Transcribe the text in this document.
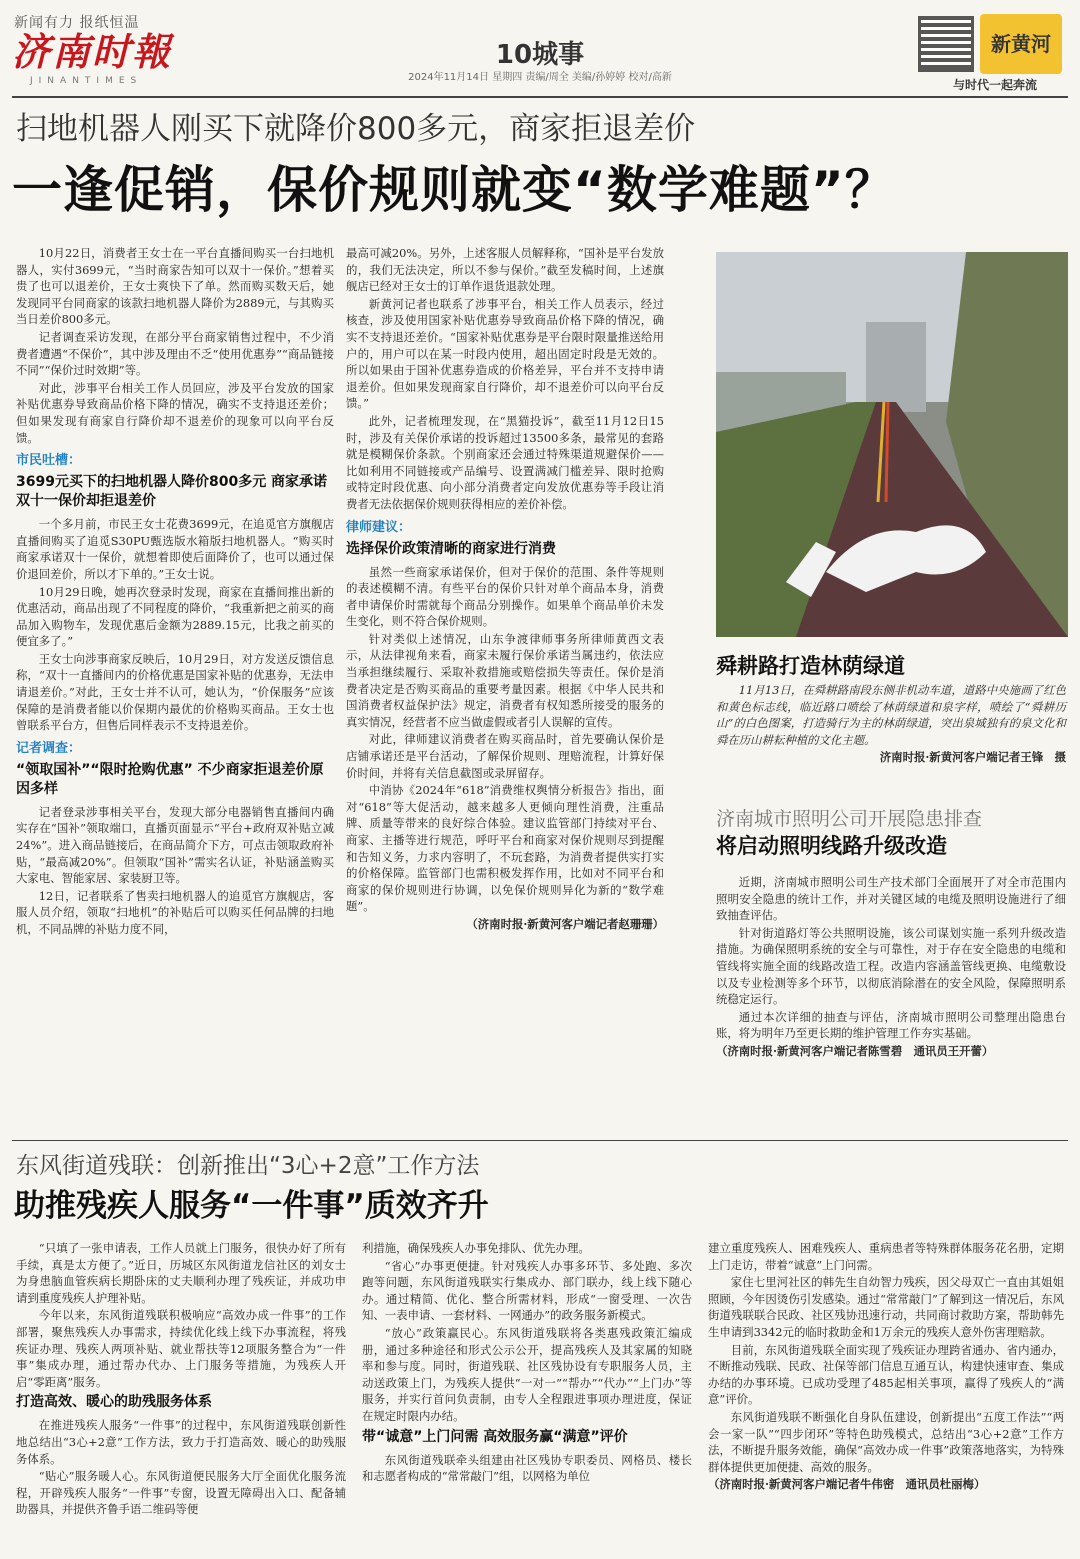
新闻有力 报纸恒温
济南时報
JINANTIMES
10城事
2024年11月14日 星期四 责编/周全 美编/孙婷婷 校对/高新
新黄河
与时代一起奔流
扫地机器人刚买下就降价800多元，商家拒退差价
一逢促销，保价规则就变“数学难题”？

10月22日，消费者王女士在一平台直播间购买一台扫地机器人，实付3699元，“当时商家告知可以双十一保价。”想着买贵了也可以退差价，王女士爽快下了单。然而购买数天后，她发现同平台同商家的该款扫地机器人降价为2889元，与其购买当日差价800多元。

记者调查采访发现，在部分平台商家销售过程中，不少消费者遭遇“不保价”，其中涉及理由不乏“使用优惠券”“商品链接不同”“保价过时效期”等。

对此，涉事平台相关工作人员回应，涉及平台发放的国家补贴优惠券导致商品价格下降的情况，确实不支持退还差价；但如果发现有商家自行降价却不退差价的现象可以向平台反馈。

市民吐槽：
3699元买下的扫地机器人降价800多元 商家承诺双十一保价却拒退差价

一个多月前，市民王女士花费3699元，在追觅官方旗舰店直播间购买了追觅S30PU甄选版水箱版扫地机器人。“购买时商家承诺双十一保价，就想着即使后面降价了，也可以通过保价退回差价，所以才下单的。”王女士说。

10月29日晚，她再次登录时发现，商家在直播间推出新的优惠活动，商品出现了不同程度的降价，“我重新把之前买的商品加入购物车，发现优惠后金额为2889.15元，比我之前买的便宜多了。”

王女士向涉事商家反映后，10月29日，对方发送反馈信息称，“双十一直播间内的价格优惠是国家补贴的优惠券，无法申请退差价。”对此，王女士并不认可，她认为，“价保服务”应该保障的是消费者能以价保期内最优的价格购买商品。王女士也曾联系平台方，但售后同样表示不支持退差价。

记者调查：
“领取国补”“限时抢购优惠” 不少商家拒退差价原因多样

记者登录涉事相关平台，发现大部分电器销售直播间内确实存在“国补”领取端口，直播页面显示“平台+政府双补贴立减24%”。进入商品链接后，在商品简介下方，可点击领取政府补贴，“最高减20%”。但领取“国补”需实名认证，补贴涵盖购买大家电、智能家居、家装厨卫等。

12日，记者联系了售卖扫地机器人的追觅官方旗舰店，客服人员介绍，领取“扫地机”的补贴后可以购买任何品牌的扫地机，不同品牌的补贴力度不同，

最高可减20%。另外，上述客服人员解释称，“国补是平台发放的，我们无法决定，所以不参与保价。”截至发稿时间，上述旗舰店已经对王女士的订单作退货退款处理。

新黄河记者也联系了涉事平台，相关工作人员表示，经过核查，涉及使用国家补贴优惠券导致商品价格下降的情况，确实不支持退还差价。“国家补贴优惠券是平台限时限量推送给用户的，用户可以在某一时段内使用，超出固定时段是无效的。所以如果由于国补优惠券造成的价格差异，平台并不支持申请退差价。但如果发现商家自行降价，却不退差价可以向平台反馈。”

此外，记者梳理发现，在“黑猫投诉”，截至11月12日15时，涉及有关保价承诺的投诉超过13500多条，最常见的套路就是模糊保价条款。个别商家还会通过特殊渠道规避保价——比如利用不同链接或产品编号、设置满减门槛差异、限时抢购或特定时段优惠、向小部分消费者定向发放优惠券等手段让消费者无法依据保价规则获得相应的差价补偿。

律师建议：
选择保价政策清晰的商家进行消费

虽然一些商家承诺保价，但对于保价的范围、条件等规则的表述模糊不清。有些平台的保价只针对单个商品本身，消费者申请保价时需就每个商品分别操作。如果单个商品单价未发生变化，则不符合保价规则。

针对类似上述情况，山东争渡律师事务所律师黄西文表示，从法律视角来看，商家未履行保价承诺当属违约，依法应当承担继续履行、采取补救措施或赔偿损失等责任。保价是消费者决定是否购买商品的重要考量因素。根据《中华人民共和国消费者权益保护法》规定，消费者有权知悉所接受的服务的真实情况，经营者不应当做虚假或者引人误解的宣传。

对此，律师建议消费者在购买商品时，首先要确认保价是店铺承诺还是平台活动，了解保价规则、理赔流程，计算好保价时间，并将有关信息截图或录屏留存。

中消协《2024年“618”消费维权舆情分析报告》指出，面对“618”等大促活动，越来越多人更倾向理性消费，注重品牌、质量等带来的良好综合体验。建议监管部门持续对平台、商家、主播等进行规范，呼吁平台和商家对保价规则尽到提醒和告知义务，力求内容明了，不玩套路，为消费者提供实打实的价格保障。监管部门也需积极发挥作用，比如对不同平台和商家的保价规则进行协调，以免保价规则异化为新的“数学难题”。

（济南时报·新黄河客户端记者赵珊珊）

舜耕路打造林荫绿道

11月13日，在舜耕路南段东侧非机动车道，道路中央施画了红色和黄色标志线，临近路口喷绘了林荫绿道和泉字样，喷绘了“舜耕历山”的白色图案，打造骑行为主的林荫绿道，突出泉城独有的泉文化和舜在历山耕耘种植的文化主题。

济南时报·新黄河客户端记者王锋　摄

济南城市照明公司开展隐患排查
将启动照明线路升级改造

近期，济南城市照明公司生产技术部门全面展开了对全市范围内照明安全隐患的统计工作，并对关键区域的电缆及照明设施进行了细致抽查评估。

针对街道路灯等公共照明设施，该公司谋划实施一系列升级改造措施。为确保照明系统的安全与可靠性，对于存在安全隐患的电缆和管线将实施全面的线路改造工程。改造内容涵盖管线更换、电缆敷设以及专业检测等多个环节，以彻底消除潜在的安全风险，保障照明系统稳定运行。

通过本次详细的抽查与评估，济南城市照明公司整理出隐患台账，将为明年乃至更长期的维护管理工作夯实基础。

（济南时报·新黄河客户端记者陈雪碧　通讯员王开蕾）

东风街道残联：创新推出“3心+2意”工作方法
助推残疾人服务“一件事”质效齐升

“只填了一张申请表，工作人员就上门服务，很快办好了所有手续，真是太方便了。”近日，历城区东风街道龙信社区的刘女士为身患脑血管疾病长期卧床的丈夫顺利办理了残疾证，并成功申请到重度残疾人护理补贴。

今年以来，东风街道残联积极响应“高效办成一件事”的工作部署，聚焦残疾人办事需求，持续优化线上线下办事流程，将残疾证办理、残疾人两项补贴、就业帮扶等12项服务整合为“一件事”集成办理，通过帮办代办、上门服务等措施，为残疾人开启“零距离”服务。

打造高效、暖心的助残服务体系

在推进残疾人服务“一件事”的过程中，东风街道残联创新性地总结出“3心+2意”工作方法，致力于打造高效、暖心的助残服务体系。

“贴心”服务暖人心。东风街道便民服务大厅全面优化服务流程，开辟残疾人服务“一件事”专窗，设置无障碍出入口、配备辅助器具，并提供齐鲁手语二维码等便

利措施，确保残疾人办事免排队、优先办理。

“省心”办事更便捷。针对残疾人办事多环节、多处跑、多次跑等问题，东风街道残联实行集成办、部门联办，线上线下随心办。通过精简、优化、整合所需材料，形成“一窗受理、一次告知、一表申请、一套材料、一网通办”的政务服务新模式。

“放心”政策赢民心。东风街道残联将各类惠残政策汇编成册，通过多种途径和形式公示公开，提高残疾人及其家属的知晓率和参与度。同时，街道残联、社区残协设有专职服务人员，主动送政策上门，为残疾人提供“一对一”“帮办”“代办”“上门办”等服务，并实行首问负责制，由专人全程跟进事项办理进度，保证在规定时限内办结。

带“诚意”上门问需 高效服务赢“满意”评价

东风街道残联牵头组建由社区残协专职委员、网格员、楼长和志愿者构成的“常常敲门”组，以网格为单位

建立重度残疾人、困难残疾人、重病患者等特殊群体服务花名册，定期上门走访，带着“诚意”上门问需。

家住七里河社区的韩先生自幼智力残疾，因父母双亡一直由其姐姐照顾，今年因烫伤引发感染。通过“常常敲门”了解到这一情况后，东风街道残联联合民政、社区残协迅速行动，共同商讨救助方案，帮助韩先生申请到3342元的临时救助金和1万余元的残疾人意外伤害理赔款。

目前，东风街道残联全面实现了残疾证办理跨省通办、省内通办，不断推动残联、民政、社保等部门信息互通互认，构建快速审查、集成办结的办事环境。已成功受理了485起相关事项，赢得了残疾人的“满意”评价。

东风街道残联不断强化自身队伍建设，创新提出“五度工作法”“两会一家一队”“四步闭环”等特色助残模式，总结出“3心+2意”工作方法，不断提升服务效能，确保“高效办成一件事”政策落地落实，为特殊群体提供更加便捷、高效的服务。

（济南时报·新黄河客户端记者牛伟密　通讯员杜丽梅）
